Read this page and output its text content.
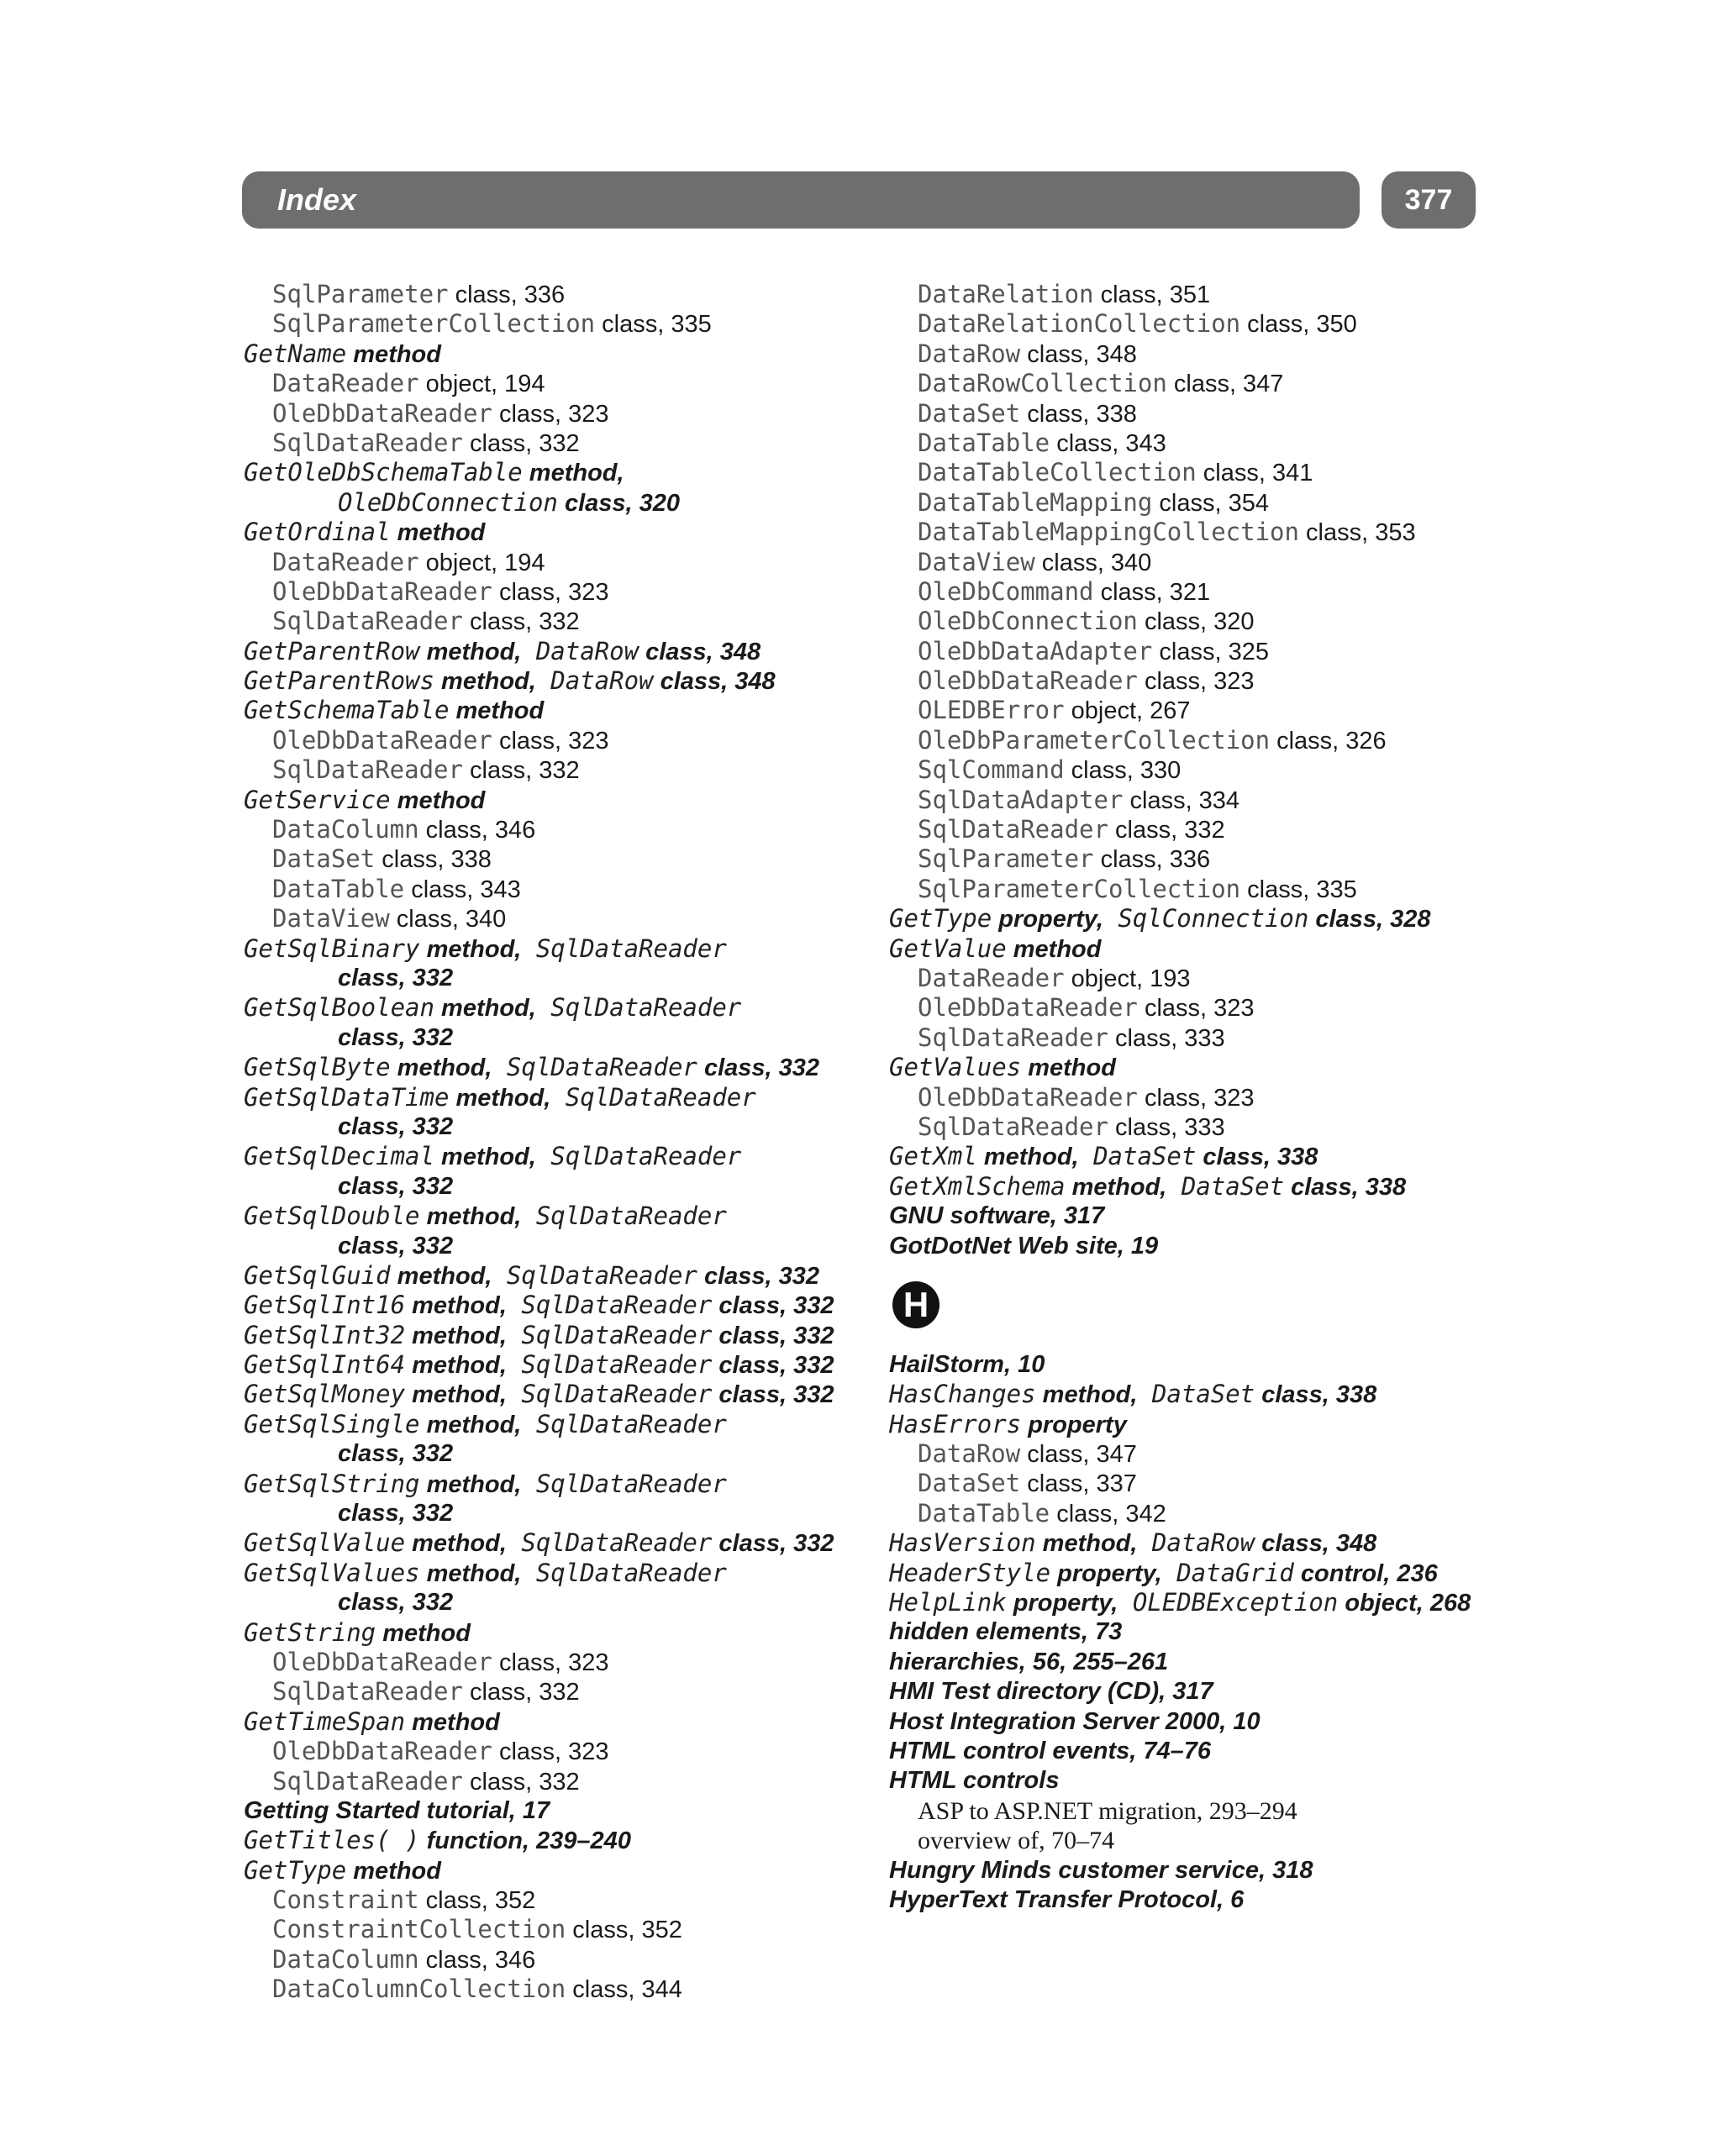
Index	377
SqlParameter class, 336
SqlParameterCollection class, 335
GetName method
DataReader object, 194
OleDbDataReader class, 323
SqlDataReader class, 332
GetOleDbSchemaTable method,
OleDbConnection class, 320
GetOrdinal method
DataReader object, 194
OleDbDataReader class, 323
SqlDataReader class, 332
GetParentRow method, DataRow class, 348
GetParentRows method, DataRow class, 348
GetSchemaTable method
OleDbDataReader class, 323
SqlDataReader class, 332
GetService method
DataColumn class, 346
DataSet class, 338
DataTable class, 343
DataView class, 340
GetSqlBinary method, SqlDataReader
class, 332
GetSqlBoolean method, SqlDataReader
class, 332
GetSqlByte method, SqlDataReader class, 332
GetSqlDataTime method, SqlDataReader
class, 332
GetSqlDecimal method, SqlDataReader
class, 332
GetSqlDouble method, SqlDataReader
class, 332
GetSqlGuid method, SqlDataReader class, 332
GetSqlInt16 method, SqlDataReader class, 332
GetSqlInt32 method, SqlDataReader class, 332
GetSqlInt64 method, SqlDataReader class, 332
GetSqlMoney method, SqlDataReader class, 332
GetSqlSingle method, SqlDataReader
class, 332
GetSqlString method, SqlDataReader
class, 332
GetSqlValue method, SqlDataReader class, 332
GetSqlValues method, SqlDataReader
class, 332
GetString method
OleDbDataReader class, 323
SqlDataReader class, 332
GetTimeSpan method
OleDbDataReader class, 323
SqlDataReader class, 332
Getting Started tutorial, 17
GetTitles( ) function, 239–240
GetType method
Constraint class, 352
ConstraintCollection class, 352
DataColumn class, 346
DataColumnCollection class, 344
DataRelation class, 351
DataRelationCollection class, 350
DataRow class, 348
DataRowCollection class, 347
DataSet class, 338
DataTable class, 343
DataTableCollection class, 341
DataTableMapping class, 354
DataTableMappingCollection class, 353
DataView class, 340
OleDbCommand class, 321
OleDbConnection class, 320
OleDbDataAdapter class, 325
OleDbDataReader class, 323
OLEDBError object, 267
OleDbParameterCollection class, 326
SqlCommand class, 330
SqlDataAdapter class, 334
SqlDataReader class, 332
SqlParameter class, 336
SqlParameterCollection class, 335
GetType property, SqlConnection class, 328
GetValue method
DataReader object, 193
OleDbDataReader class, 323
SqlDataReader class, 333
GetValues method
OleDbDataReader class, 323
SqlDataReader class, 333
GetXml method, DataSet class, 338
GetXmlSchema method, DataSet class, 338
GNU software, 317
GotDotNet Web site, 19
H
HailStorm, 10
HasChanges method, DataSet class, 338
HasErrors property
DataRow class, 347
DataSet class, 337
DataTable class, 342
HasVersion method, DataRow class, 348
HeaderStyle property, DataGrid control, 236
HelpLink property, OLEDBException object, 268
hidden elements, 73
hierarchies, 56, 255–261
HMI Test directory (CD), 317
Host Integration Server 2000, 10
HTML control events, 74–76
HTML controls
ASP to ASP.NET migration, 293–294
overview of, 70–74
Hungry Minds customer service, 318
HyperText Transfer Protocol, 6
